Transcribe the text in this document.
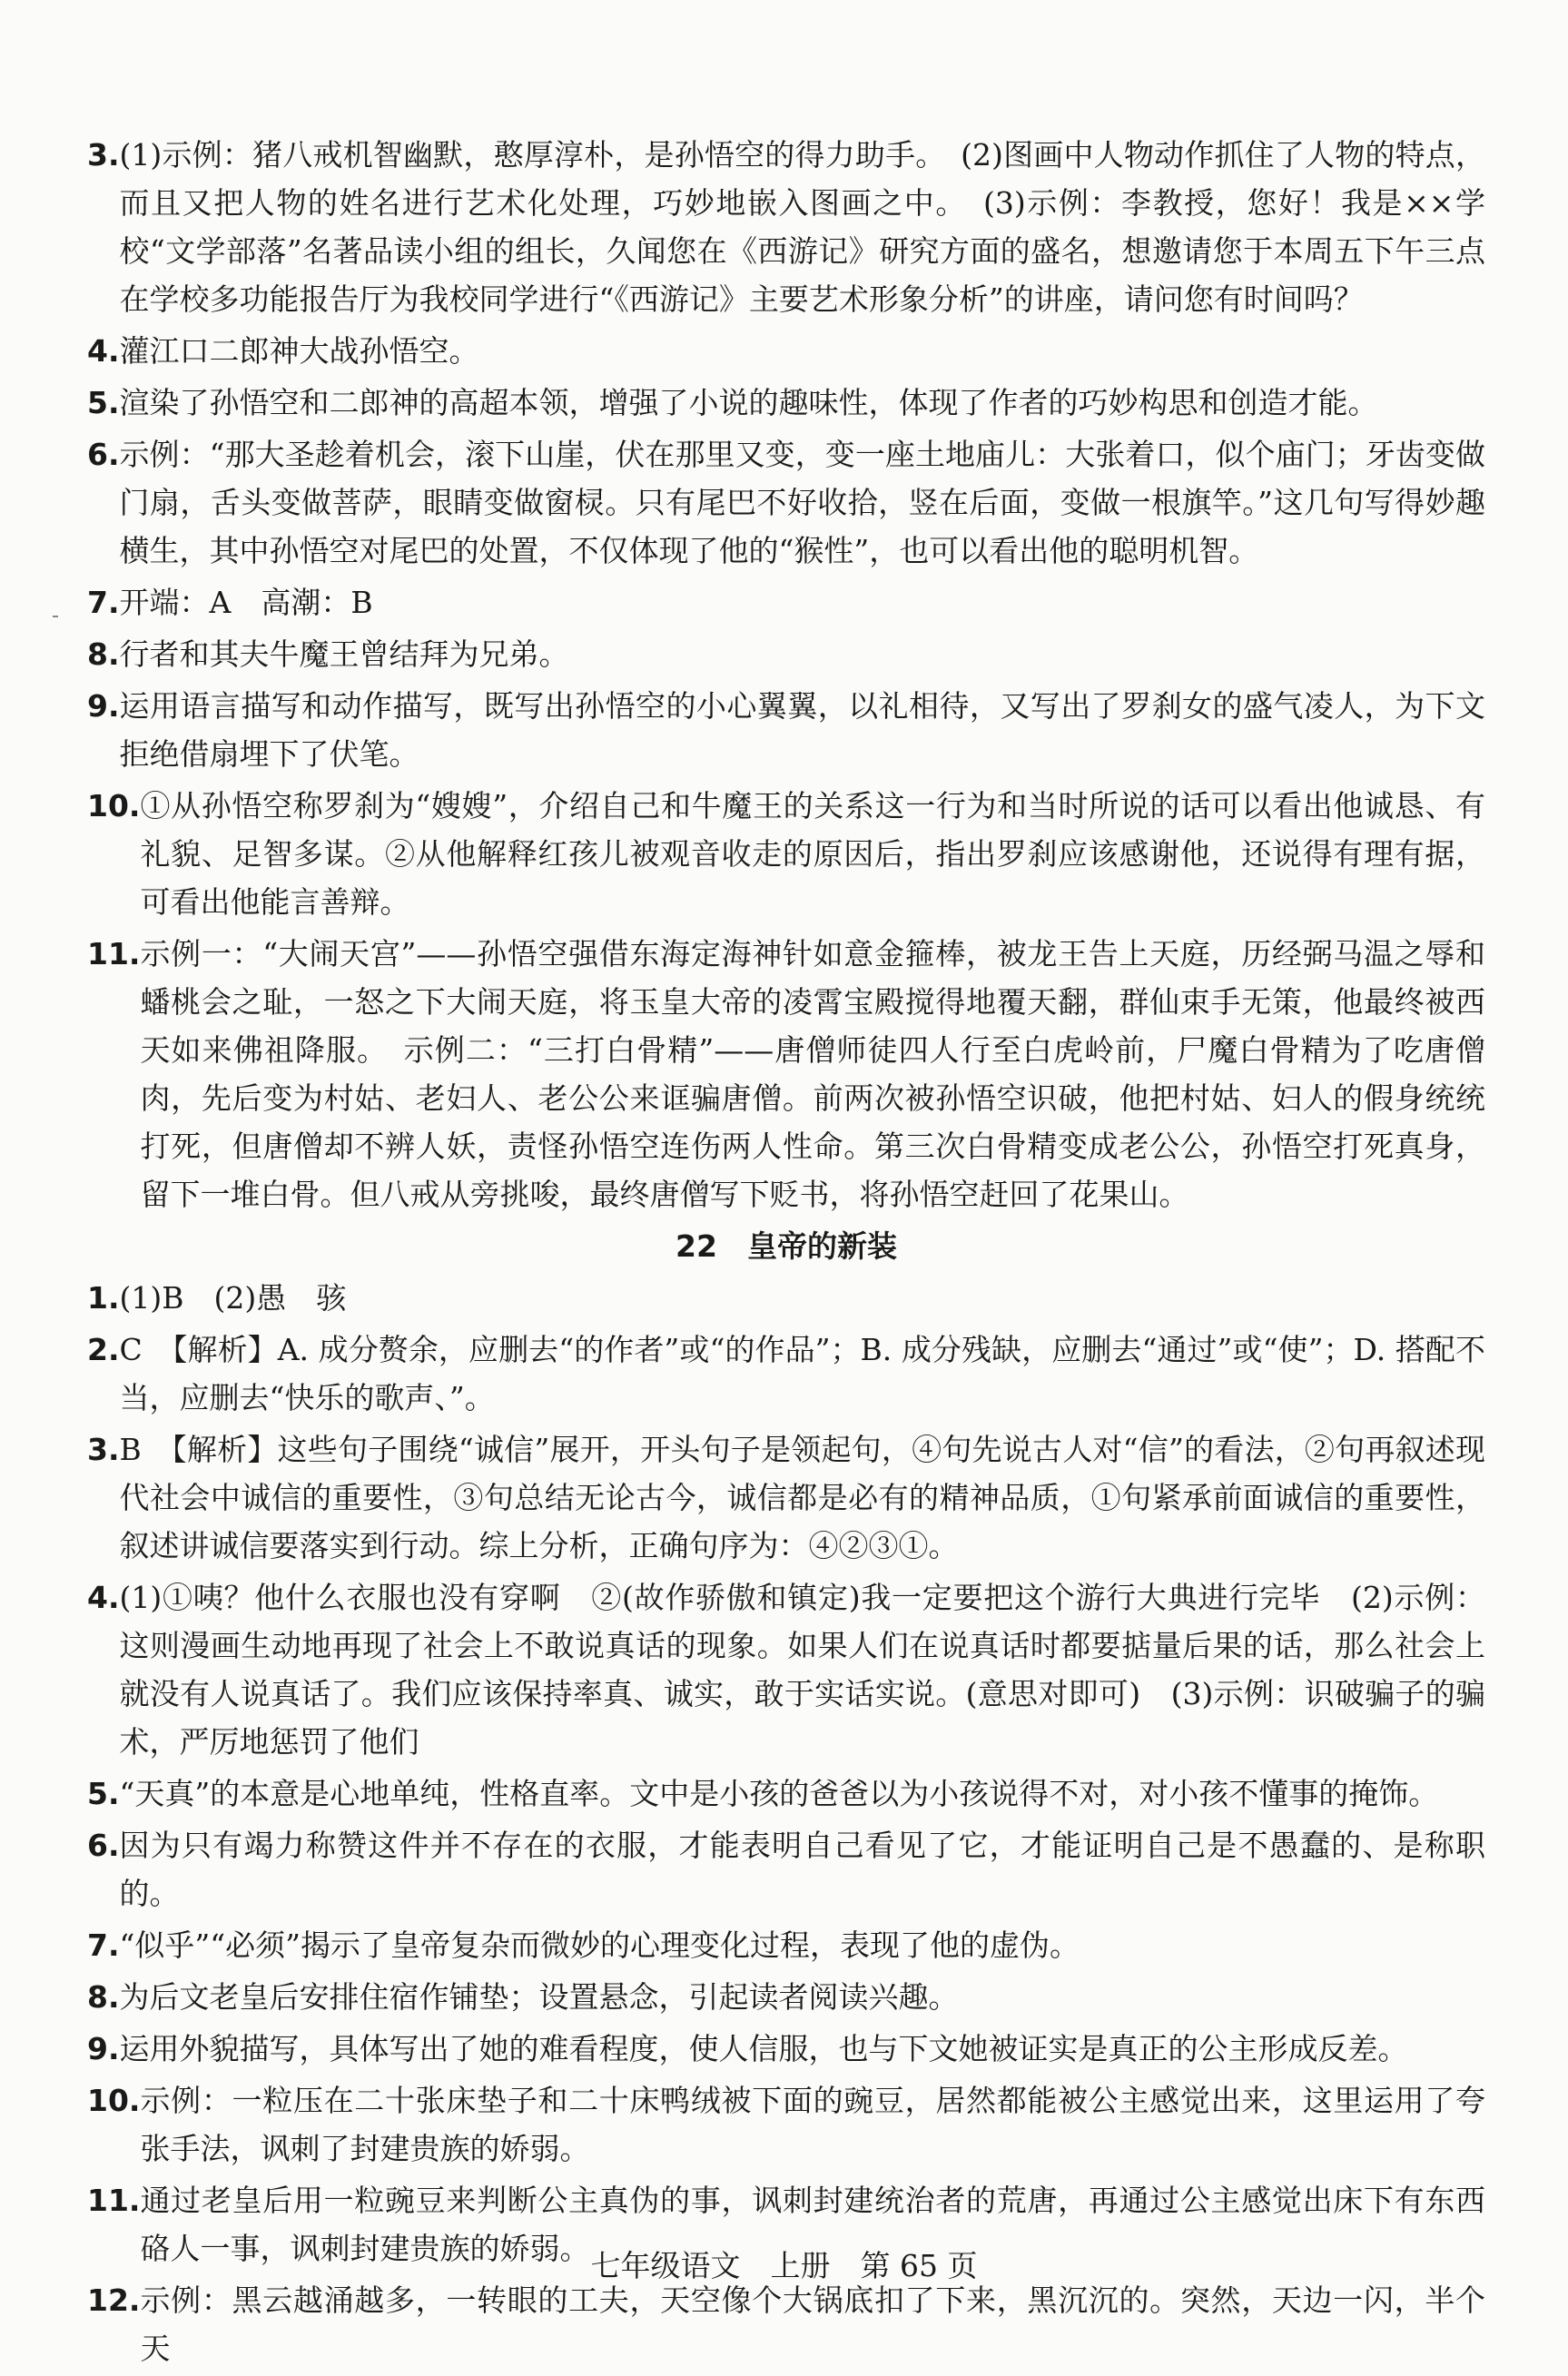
3. (1)示例：猪八戒机智幽默，憨厚淳朴，是孙悟空的得力助手。　(2)图画中人物动作抓住了人物的特点，而且又把人物的姓名进行艺术化处理，巧妙地嵌入图画之中。　(3)示例：李教授，您好！我是××学校“文学部落”名著品读小组的组长，久闻您在《西游记》研究方面的盛名，想邀请您于本周五下午三点在学校多功能报告厅为我校同学进行“《西游记》主要艺术形象分析”的讲座，请问您有时间吗？
4. 灌江口二郎神大战孙悟空。
5. 渲染了孙悟空和二郎神的高超本领，增强了小说的趣味性，体现了作者的巧妙构思和创造才能。
6. 示例：“那大圣趁着机会，滚下山崖，伏在那里又变，变一座土地庙儿：大张着口，似个庙门；牙齿变做门扇，舌头变做菩萨，眼睛变做窗棂。只有尾巴不好收拾，竖在后面，变做一根旗竿。”这几句写得妙趣横生，其中孙悟空对尾巴的处置，不仅体现了他的“猴性”，也可以看出他的聪明机智。
7. 开端：A　高潮：B
8. 行者和其夫牛魔王曾结拜为兄弟。
9. 运用语言描写和动作描写，既写出孙悟空的小心翼翼，以礼相待，又写出了罗刹女的盛气凌人，为下文拒绝借扇埋下了伏笔。
10. ①从孙悟空称罗刹为“嫂嫂”，介绍自己和牛魔王的关系这一行为和当时所说的话可以看出他诚恳、有礼貌、足智多谋。②从他解释红孩儿被观音收走的原因后，指出罗刹应该感谢他，还说得有理有据，可看出他能言善辩。
11. 示例一：“大闹天宫”——孙悟空强借东海定海神针如意金箍棒，被龙王告上天庭，历经弼马温之辱和蟠桃会之耻，一怒之下大闹天庭，将玉皇大帝的凌霄宝殿搅得地覆天翻，群仙束手无策，他最终被西天如来佛祖降服。　示例二：“三打白骨精”——唐僧师徒四人行至白虎岭前，尸魔白骨精为了吃唐僧肉，先后变为村姑、老妇人、老公公来诓骗唐僧。前两次被孙悟空识破，他把村姑、妇人的假身统统打死，但唐僧却不辨人妖，责怪孙悟空连伤两人性命。第三次白骨精变成老公公，孙悟空打死真身，留下一堆白骨。但八戒从旁挑唆，最终唐僧写下贬书，将孙悟空赶回了花果山。
22　皇帝的新装
1. (1)B　(2)愚　骇
2. C　【解析】A. 成分赘余，应删去“的作者”或“的作品”；B. 成分残缺，应删去“通过”或“使”；D. 搭配不当，应删去“快乐的歌声、”。
3. B　【解析】这些句子围绕“诚信”展开，开头句子是领起句，④句先说古人对“信”的看法，②句再叙述现代社会中诚信的重要性，③句总结无论古今，诚信都是必有的精神品质，①句紧承前面诚信的重要性，叙述讲诚信要落实到行动。综上分析，正确句序为：④②③①。
4. (1)①咦？他什么衣服也没有穿啊　②(故作骄傲和镇定)我一定要把这个游行大典进行完毕　(2)示例：这则漫画生动地再现了社会上不敢说真话的现象。如果人们在说真话时都要掂量后果的话，那么社会上就没有人说真话了。我们应该保持率真、诚实，敢于实话实说。(意思对即可)　(3)示例：识破骗子的骗术，严厉地惩罚了他们
5. “天真”的本意是心地单纯，性格直率。文中是小孩的爸爸以为小孩说得不对，对小孩不懂事的掩饰。
6. 因为只有竭力称赞这件并不存在的衣服，才能表明自己看见了它，才能证明自己是不愚蠢的、是称职的。
7. “似乎”“必须”揭示了皇帝复杂而微妙的心理变化过程，表现了他的虚伪。
8. 为后文老皇后安排住宿作铺垫；设置悬念，引起读者阅读兴趣。
9. 运用外貌描写，具体写出了她的难看程度，使人信服，也与下文她被证实是真正的公主形成反差。
10. 示例：一粒压在二十张床垫子和二十床鸭绒被下面的豌豆，居然都能被公主感觉出来，这里运用了夸张手法，讽刺了封建贵族的娇弱。
11. 通过老皇后用一粒豌豆来判断公主真伪的事，讽刺封建统治者的荒唐，再通过公主感觉出床下有东西硌人一事，讽刺封建贵族的娇弱。
12. 示例：黑云越涌越多，一转眼的工夫，天空像个大锅底扣了下来，黑沉沉的。突然，天边一闪，半个天
七年级语文　上册　第 65 页
